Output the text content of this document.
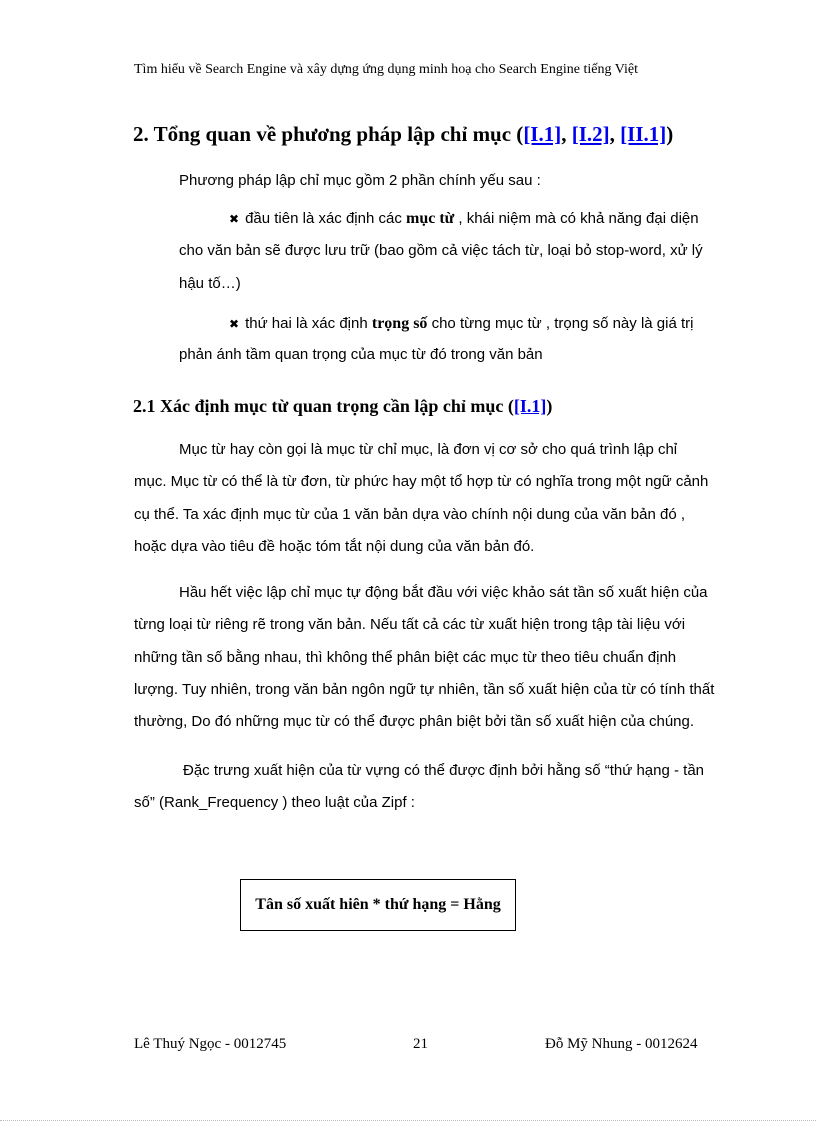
Tìm hiểu về Search Engine và xây dựng ứng dụng minh hoạ cho Search Engine tiếng Việt
2. Tổng quan về phương pháp lập chỉ mục ([I.1], [I.2], [II.1])
Phương pháp lập chỉ mục gồm 2 phần chính yếu sau :
✖ đầu tiên là xác định các mục từ , khái niệm mà có khả năng đại diện
cho văn bản sẽ được lưu trữ (bao gồm cả việc tách từ, loại bỏ stop-word, xử lý
hậu tố…)
✖ thứ hai là xác định trọng số cho từng mục từ , trọng số này là giá trị
phản ánh tầm quan trọng của mục từ đó trong văn bản
2.1 Xác định mục từ quan trọng cần lập chỉ mục ([I.1])
Mục từ hay còn gọi là mục từ chỉ mục, là đơn vị cơ sở cho quá trình lập chỉ
mục. Mục từ có thể là từ đơn, từ phức hay một tổ hợp từ có nghĩa trong một ngữ cảnh
cụ thể. Ta xác định mục từ của 1 văn bản dựa vào chính nội dung của văn bản đó ,
hoặc dựa vào tiêu đề hoặc tóm tắt nội dung của văn bản đó.
Hầu hết việc lập chỉ mục tự động bắt đầu với việc khảo sát tần số xuất hiện của
từng loại từ riêng rẽ trong văn bản. Nếu tất cả các từ xuất hiện trong tập tài liệu với
những tần số bằng nhau, thì không thể phân biệt các mục từ theo tiêu chuẩn định
lượng. Tuy nhiên, trong văn bản ngôn ngữ tự nhiên, tần số xuất hiện của từ có tính thất
thường, Do đó những mục từ có thể được phân biệt bởi tần số xuất hiện của chúng.
Đặc trưng xuất hiện của từ vựng có thể được định bởi hằng số “thứ hạng - tần
số” (Rank_Frequency ) theo luật của Zipf :
Tân số xuất hiên * thứ hạng = Hằng
Lê Thuý Ngọc - 0012745	21	Đỗ Mỹ Nhung - 0012624
